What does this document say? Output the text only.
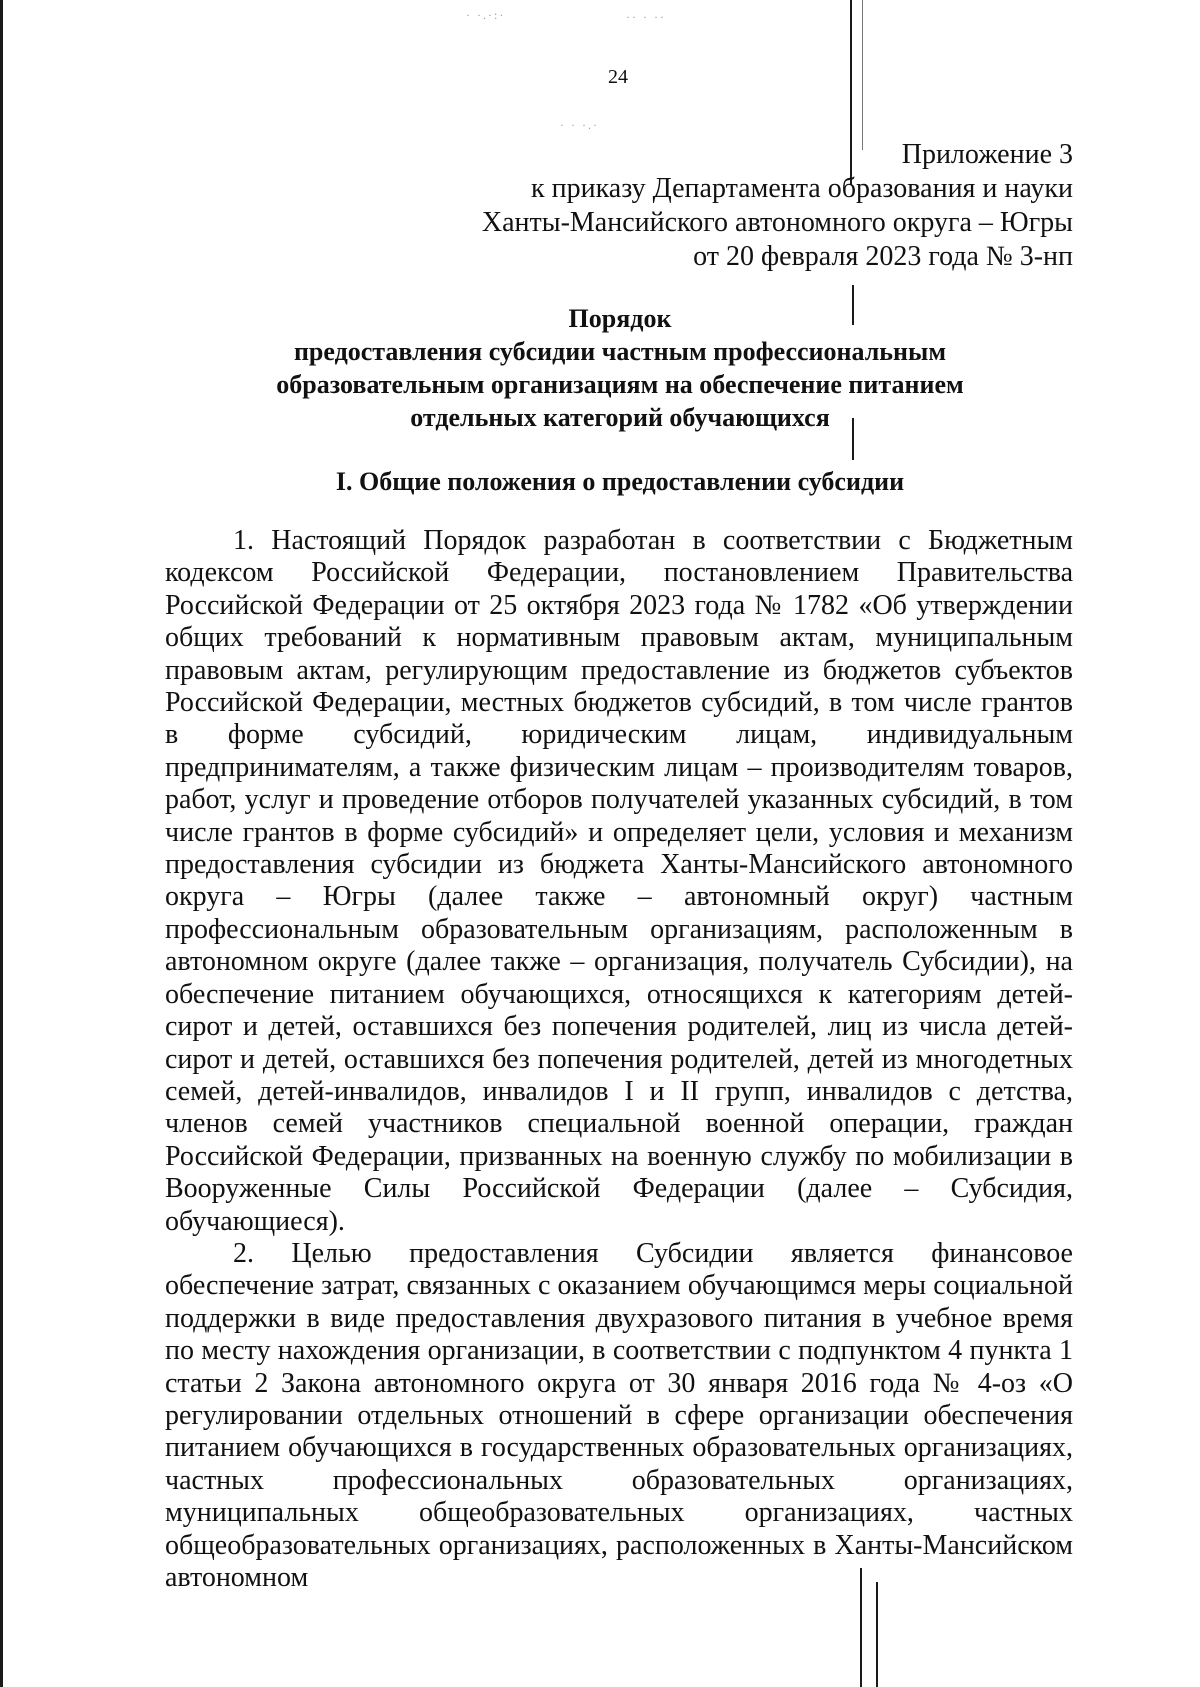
· ·.·:·	·· · ··
· · ·.·
24
Приложение 3
к приказу Департамента образования и науки
Ханты-Мансийского автономного округа – Югры
от 20 февраля 2023 года № 3-нп
Порядок
предоставления субсидии частным профессиональным
образовательным организациям на обеспечение питанием
отдельных категорий обучающихся
I. Общие положения о предоставлении субсидии

1. Настоящий Порядок разработан в соответствии с Бюджетным кодексом Российской Федерации, постановлением Правительства Российской Федерации от 25 октября 2023 года № 1782 «Об утверждении общих требований к нормативным правовым актам, муниципальным правовым актам, регулирующим предоставление из бюджетов субъектов Российской Федерации, местных бюджетов субсидий, в том числе грантов в форме субсидий, юридическим лицам, индивидуальным предпринимателям, а также физическим лицам – производителям товаров, работ, услуг и проведение отборов получателей указанных субсидий, в том числе грантов в форме субсидий» и определяет цели, условия и механизм предоставления субсидии из бюджета Ханты-Мансийского автономного округа – Югры (далее также – автономный округ) частным профессиональным образовательным организациям, расположенным в автономном округе (далее также – организация, получатель Субсидии), на обеспечение питанием обучающихся, относящихся к категориям детей-сирот и детей, оставшихся без попечения родителей, лиц из числа детей-сирот и детей, оставшихся без попечения родителей, детей из многодетных семей, детей-инвалидов, инвалидов I и II групп, инвалидов с детства, членов семей участников специальной военной операции, граждан Российской Федерации, призванных на военную службу по мобилизации в Вооруженные Силы Российской Федерации (далее – Субсидия, обучающиеся).

2. Целью предоставления Субсидии является финансовое обеспечение затрат, связанных с оказанием обучающимся меры социальной поддержки в виде предоставления двухразового питания в учебное время по месту нахождения организации, в соответствии с подпунктом 4 пункта 1 статьи 2 Закона автономного округа от 30 января 2016 года № 4-оз «О регулировании отдельных отношений в сфере организации обеспечения питанием обучающихся в государственных образовательных организациях, частных профессиональных образовательных организациях, муниципальных общеобразовательных организациях, частных общеобразовательных организациях, расположенных в Ханты-Мансийском автономном
